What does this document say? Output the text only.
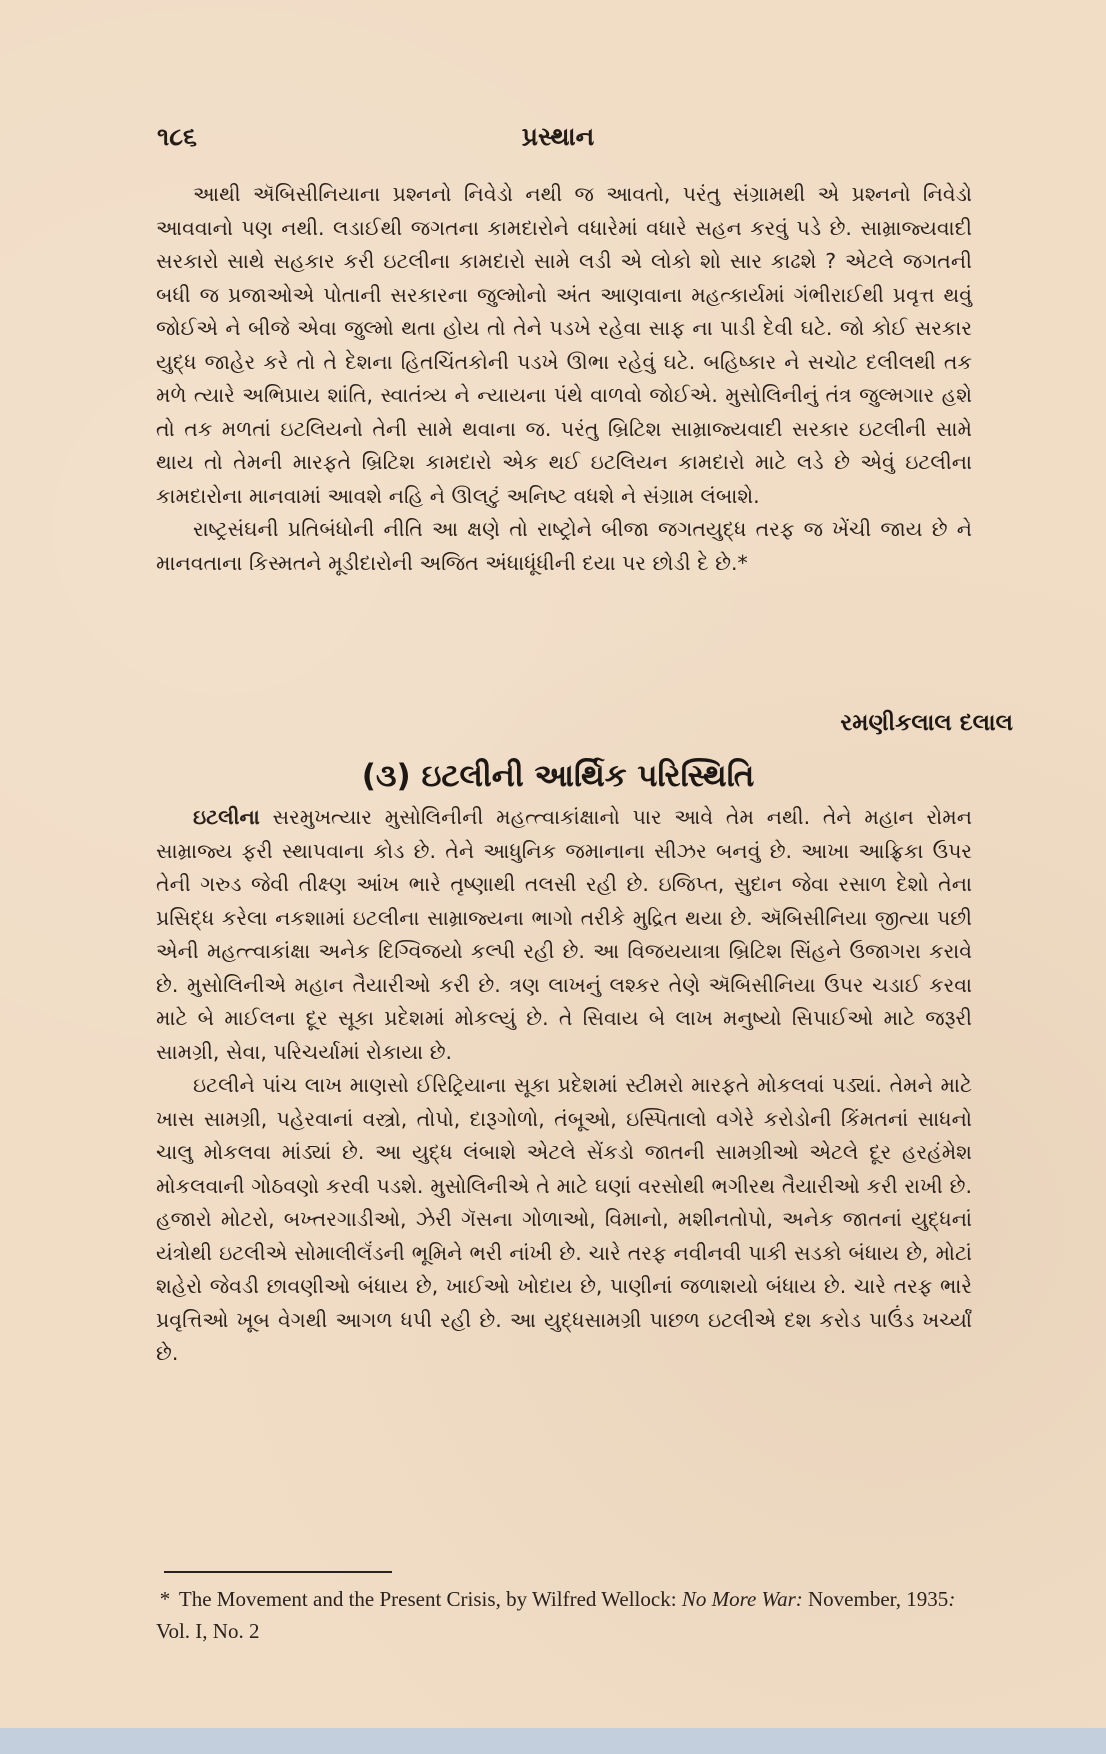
૧૮૬	પ્રસ્થાન

આથી ઍબિસીનિયાના પ્રશ્નનો નિવેડો નથી જ આવતો, પરંતુ સંગ્રામથી એ પ્રશ્નનો નિવેડો આવવાનો પણ નથી. લડાઈથી જગતના કામદારોને વધારેમાં વધારે સહન કરવું પડે છે. સામ્રાજ્યવાદી સરકારો સાથે સહકાર કરી ઇટલીના કામદારો સામે લડી એ લોકો શો સાર કાઢશે ? એટલે જગતની બધી જ પ્રજાઓએ પોતાની સરકારના જુલ્મોનો અંત આણવાના મહત્કાર્યમાં ગંભીરાઈથી પ્રવૃત્ત થવું જોઈએ ને બીજે એવા જુલ્મો થતા હોય તો તેને પડખે રહેવા સાફ ના પાડી દેવી ઘટે. જો કોઈ સરકાર યુદ્ધ જાહેર કરે તો તે દેશના હિતચિંતકોની પડખે ઊભા રહેવું ઘટે. બહિષ્કાર ને સચોટ દલીલથી તક મળે ત્યારે અભિપ્રાય શાંતિ, સ્વાતંત્ર્ય ને ન્યાયના પંથે વાળવો જોઈએ. મુસોલિનીનું તંત્ર જુલ્મગાર હશે તો તક મળતાં ઇટલિયનો તેની સામે થવાના જ. પરંતુ બ્રિટિશ સામ્રાજ્યવાદી સરકાર ઇટલીની સામે થાય તો તેમની મારફતે બ્રિટિશ કામદારો એક થઈ ઇટલિયન કામદારો માટે લડે છે એવું ઇટલીના કામદારોના માનવામાં આવશે નહિ ને ઊલટું અનિષ્ટ વધશે ને સંગ્રામ લંબાશે.

રાષ્ટ્રસંઘની પ્રતિબંધોની નીતિ આ ક્ષણે તો રાષ્ટ્રોને બીજા જગતયુદ્ધ તરફ જ ખેંચી જાય છે ને માનવતાના કિસ્મતને મૂડીદારોની અજિત અંધાધૂંધીની દયા પર છોડી દે છે.*

રમણીકલાલ દલાલ
(૩) ઇટલીની આર્થિક પરિસ્થિતિ

ઇટલીના સરમુખત્યાર મુસોલિનીની મહત્ત્વાકાંક્ષાનો પાર આવે તેમ નથી. તેને મહાન રોમન સામ્રાજ્ય ફરી સ્થાપવાના કોડ છે. તેને આધુનિક જમાનાના સીઝર બનવું છે. આખા આફ્રિકા ઉપર તેની ગરુડ જેવી તીક્ષ્ણ આંખ ભારે તૃષ્ણાથી તલસી રહી છે. ઇજિપ્ત, સુદાન જેવા રસાળ દેશો તેના પ્રસિદ્ધ કરેલા નકશામાં ઇટલીના સામ્રાજ્યના ભાગો તરીકે મુદ્રિત થયા છે. ઍબિસીનિયા જીત્યા પછી એની મહત્ત્વાકાંક્ષા અનેક દિગ્વિજયો કલ્પી રહી છે. આ વિજયયાત્રા બ્રિટિશ સિંહને ઉજાગરા કરાવે છે. મુસોલિનીએ મહાન તૈયારીઓ કરી છે. ત્રણ લાખનું લશ્કર તેણે ઍબિસીનિયા ઉપર ચડાઈ કરવા માટે બે માઈલના દૂર સૂકા પ્રદેશમાં મોકલ્યું છે. તે સિવાય બે લાખ મનુષ્યો સિપાઈઓ માટે જરૂરી સામગ્રી, સેવા, પરિચર્યામાં રોકાયા છે.

ઇટલીને પાંચ લાખ માણસો ઈરિટ્રિયાના સૂકા પ્રદેશમાં સ્ટીમરો મારફતે મોકલવાં પડ્યાં. તેમને માટે ખાસ સામગ્રી, પહેરવાનાં વસ્ત્રો, તોપો, દારૂગોળો, તંબૂઓ, ઇસ્પિતાલો વગેરે કરોડોની કિંમતનાં સાધનો ચાલુ મોકલવા માંડ્યાં છે. આ યુદ્ધ લંબાશે એટલે સેંકડો જાતની સામગ્રીઓ એટલે દૂર હરહંમેશ મોકલવાની ગોઠવણો કરવી પડશે. મુસોલિનીએ તે માટે ઘણાં વરસોથી ભગીરથ તૈયારીઓ કરી રાખી છે. હજારો મોટરો, બખ્તરગાડીઓ, ઝેરી ગૅસના ગોળાઓ, વિમાનો, મશીનતોપો, અનેક જાતનાં યુદ્ધનાં યંત્રોથી ઇટલીએ સોમાલીલૅંડની ભૂમિને ભરી નાંખી છે. ચારે તરફ નવીનવી પાકી સડકો બંધાય છે, મોટાં શહેરો જેવડી છાવણીઓ બંધાય છે, ખાઈઓ ખોદાય છે, પાણીનાં જળાશયો બંધાય છે. ચારે તરફ ભારે પ્રવૃત્તિઓ ખૂબ વેગથી આગળ ધપી રહી છે. આ યુદ્ધસામગ્રી પાછળ ઇટલીએ દશ કરોડ પાઉંડ ખર્ચ્યાં છે.

* The Movement and the Present Crisis, by Wilfred Wellock: No More War: November, 1935: Vol. I, No. 2
